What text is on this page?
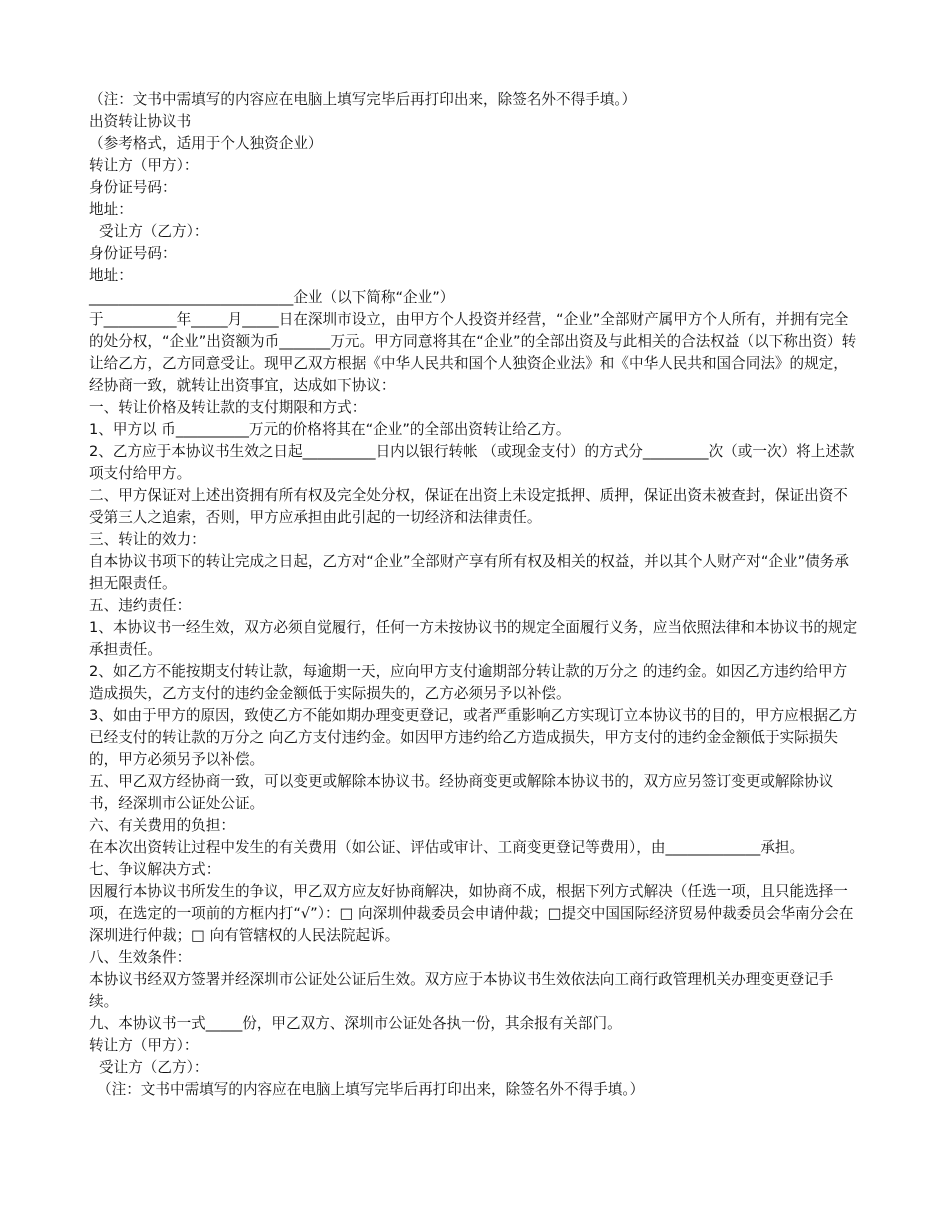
（注：文书中需填写的内容应在电脑上填写完毕后再打印出来，除签名外不得手填。）

出资转让协议书

（参考格式，适用于个人独资企业）

转让方（甲方）：

身份证号码：

地址：

受让方（乙方）：

身份证号码：

地址：

____________________________企业（以下简称“企业”）

于__________年_____月_____日在深圳市设立，由甲方个人投资并经营，“企业”全部财产属甲方个人所有，并拥有完全的处分权，“企业”出资额为币_______万元。甲方同意将其在“企业”的全部出资及与此相关的合法权益（以下称出资）转让给乙方，乙方同意受让。现甲乙双方根据《中华人民共和国个人独资企业法》和《中华人民共和国合同法》的规定，经协商一致，就转让出资事宜，达成如下协议：

一、转让价格及转让款的支付期限和方式：

1、甲方以 币__________万元的价格将其在“企业”的全部出资转让给乙方。

2、乙方应于本协议书生效之日起__________日内以银行转帐 （或现金支付）的方式分_________次（或一次）将上述款项支付给甲方。

二、甲方保证对上述出资拥有所有权及完全处分权，保证在出资上未设定抵押、质押，保证出资未被查封，保证出资不受第三人之追索，否则，甲方应承担由此引起的一切经济和法律责任。

三、转让的效力：

自本协议书项下的转让完成之日起，乙方对“企业”全部财产享有所有权及相关的权益，并以其个人财产对“企业”债务承担无限责任。

五、违约责任：

1、本协议书一经生效，双方必须自觉履行，任何一方未按协议书的规定全面履行义务，应当依照法律和本协议书的规定承担责任。

2、如乙方不能按期支付转让款，每逾期一天，应向甲方支付逾期部分转让款的万分之 的违约金。如因乙方违约给甲方造成损失，乙方支付的违约金金额低于实际损失的，乙方必须另予以补偿。

3、如由于甲方的原因，致使乙方不能如期办理变更登记，或者严重影响乙方实现订立本协议书的目的，甲方应根据乙方已经支付的转让款的万分之 向乙方支付违约金。如因甲方违约给乙方造成损失，甲方支付的违约金金额低于实际损失的，甲方必须另予以补偿。

五、甲乙双方经协商一致，可以变更或解除本协议书。经协商变更或解除本协议书的，双方应另签订变更或解除协议书，经深圳市公证处公证。

六、有关费用的负担：

在本次出资转让过程中发生的有关费用（如公证、评估或审计、工商变更登记等费用），由_____________承担。

七、争议解决方式：

因履行本协议书所发生的争议，甲乙双方应友好协商解决，如协商不成，根据下列方式解决（任选一项，且只能选择一项，在选定的一项前的方框内打“√”）：□ 向深圳仲裁委员会申请仲裁；□提交中国国际经济贸易仲裁委员会华南分会在深圳进行仲裁；□ 向有管辖权的人民法院起诉。

八、生效条件：

本协议书经双方签署并经深圳市公证处公证后生效。双方应于本协议书生效依法向工商行政管理机关办理变更登记手续。

九、本协议书一式_____份，甲乙双方、深圳市公证处各执一份，其余报有关部门。

转让方（甲方）：

受让方（乙方）：

（注：文书中需填写的内容应在电脑上填写完毕后再打印出来，除签名外不得手填。）
